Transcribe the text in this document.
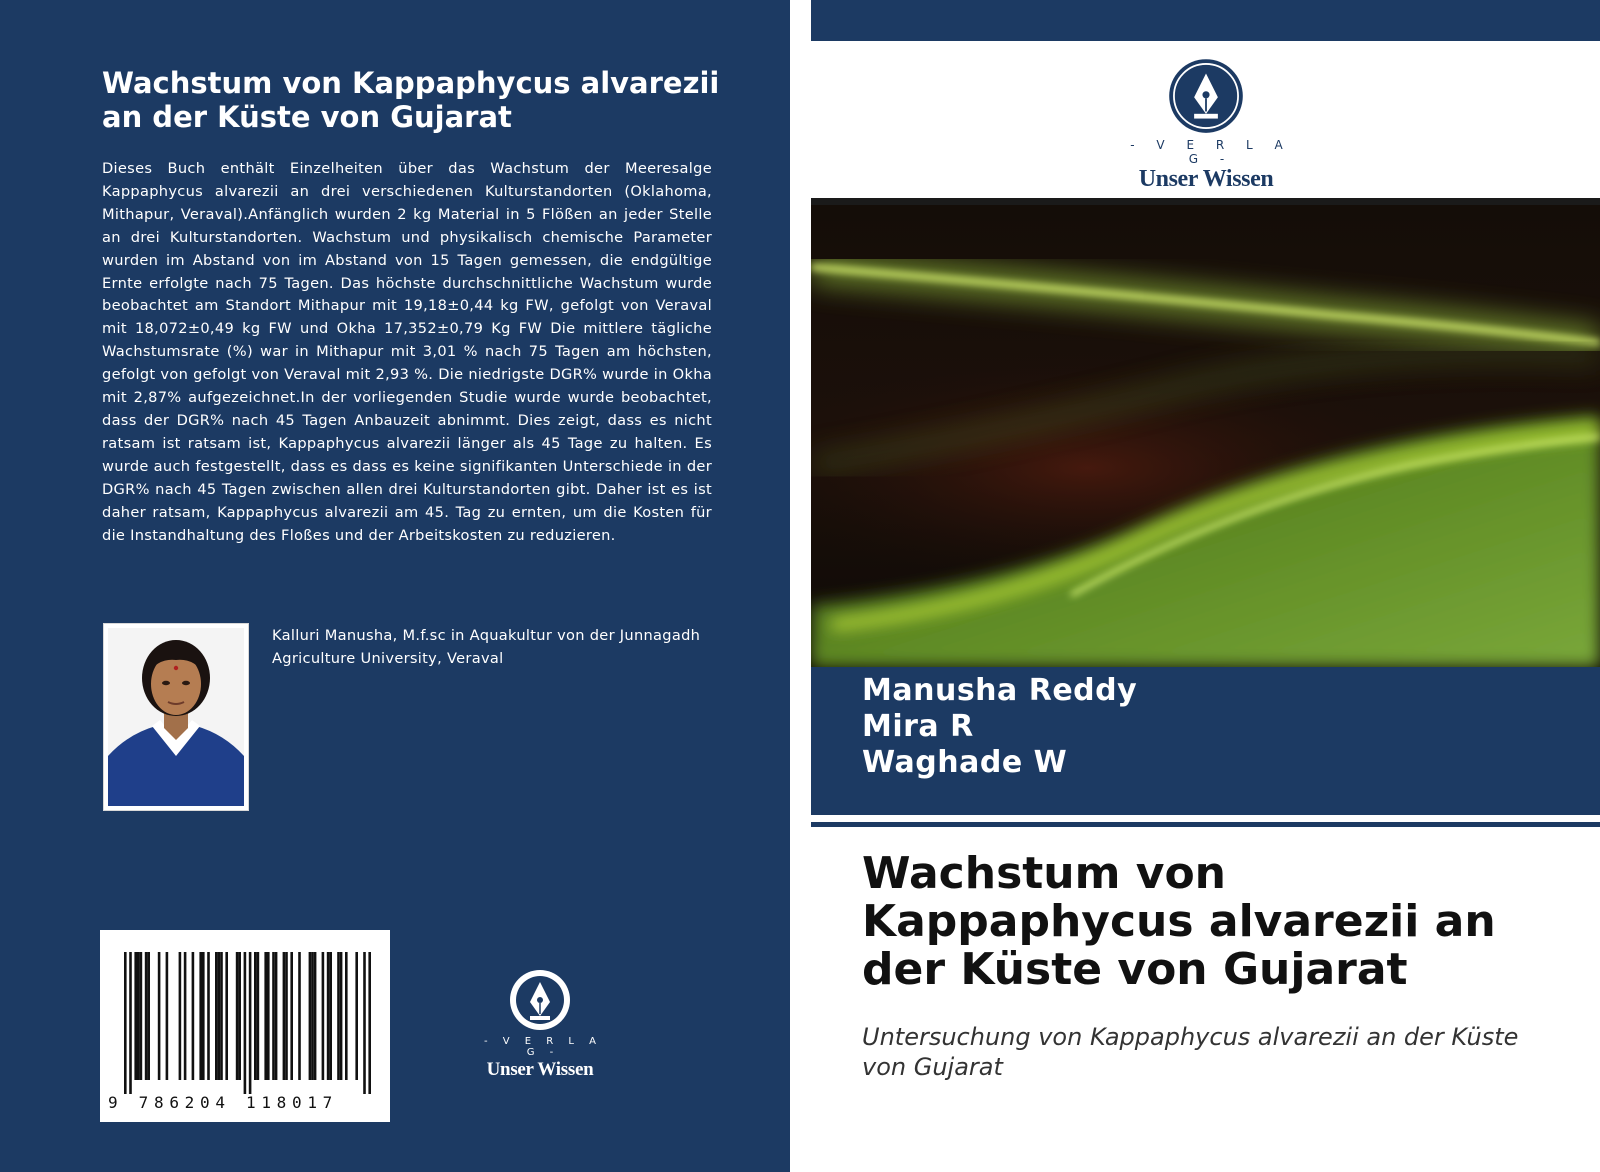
Wachstum von Kappaphycus alvarezii an der Küste von Gujarat

Dieses Buch enthält Einzelheiten über das Wachstum der Meeresalge Kappaphycus alvarezii an drei verschiedenen Kulturstandorten (Oklahoma, Mithapur, Veraval).Anfänglich wurden 2 kg Material in 5 Flößen an jeder Stelle an drei Kulturstandorten. Wachstum und physikalisch chemische Parameter wurden im Abstand von im Abstand von 15 Tagen gemessen, die endgültige Ernte erfolgte nach 75 Tagen. Das höchste durchschnittliche Wachstum wurde beobachtet am Standort Mithapur mit 19,18±0,44 kg FW, gefolgt von Veraval mit 18,072±0,49 kg FW und Okha 17,352±0,79 Kg FW Die mittlere tägliche Wachstumsrate (%) war in Mithapur mit 3,01 % nach 75 Tagen am höchsten, gefolgt von gefolgt von Veraval mit 2,93 %. Die niedrigste DGR% wurde in Okha mit 2,87% aufgezeichnet.In der vorliegenden Studie wurde wurde beobachtet, dass der DGR% nach 45 Tagen Anbauzeit abnimmt. Dies zeigt, dass es nicht ratsam ist ratsam ist, Kappaphycus alvarezii länger als 45 Tage zu halten. Es wurde auch festgestellt, dass es dass es keine signifikanten Unterschiede in der DGR% nach 45 Tagen zwischen allen drei Kulturstandorten gibt. Daher ist es ist daher ratsam, Kappaphycus alvarezii am 45. Tag zu ernten, um die Kosten für die Instandhaltung des Floßes und der Arbeitskosten zu reduzieren.

Kalluri Manusha, M.f.sc in Aquakultur von der Junnagadh Agriculture University, Veraval

9 786204 118017
- V E R L A G -
Unser Wissen
- V E R L A G -
Unser Wissen

Manusha Reddy

Mira R

Waghade W

Wachstum von Kappaphycus alvarezii an der Küste von Gujarat

Untersuchung von Kappaphycus alvarezii an der Küste von Gujarat
